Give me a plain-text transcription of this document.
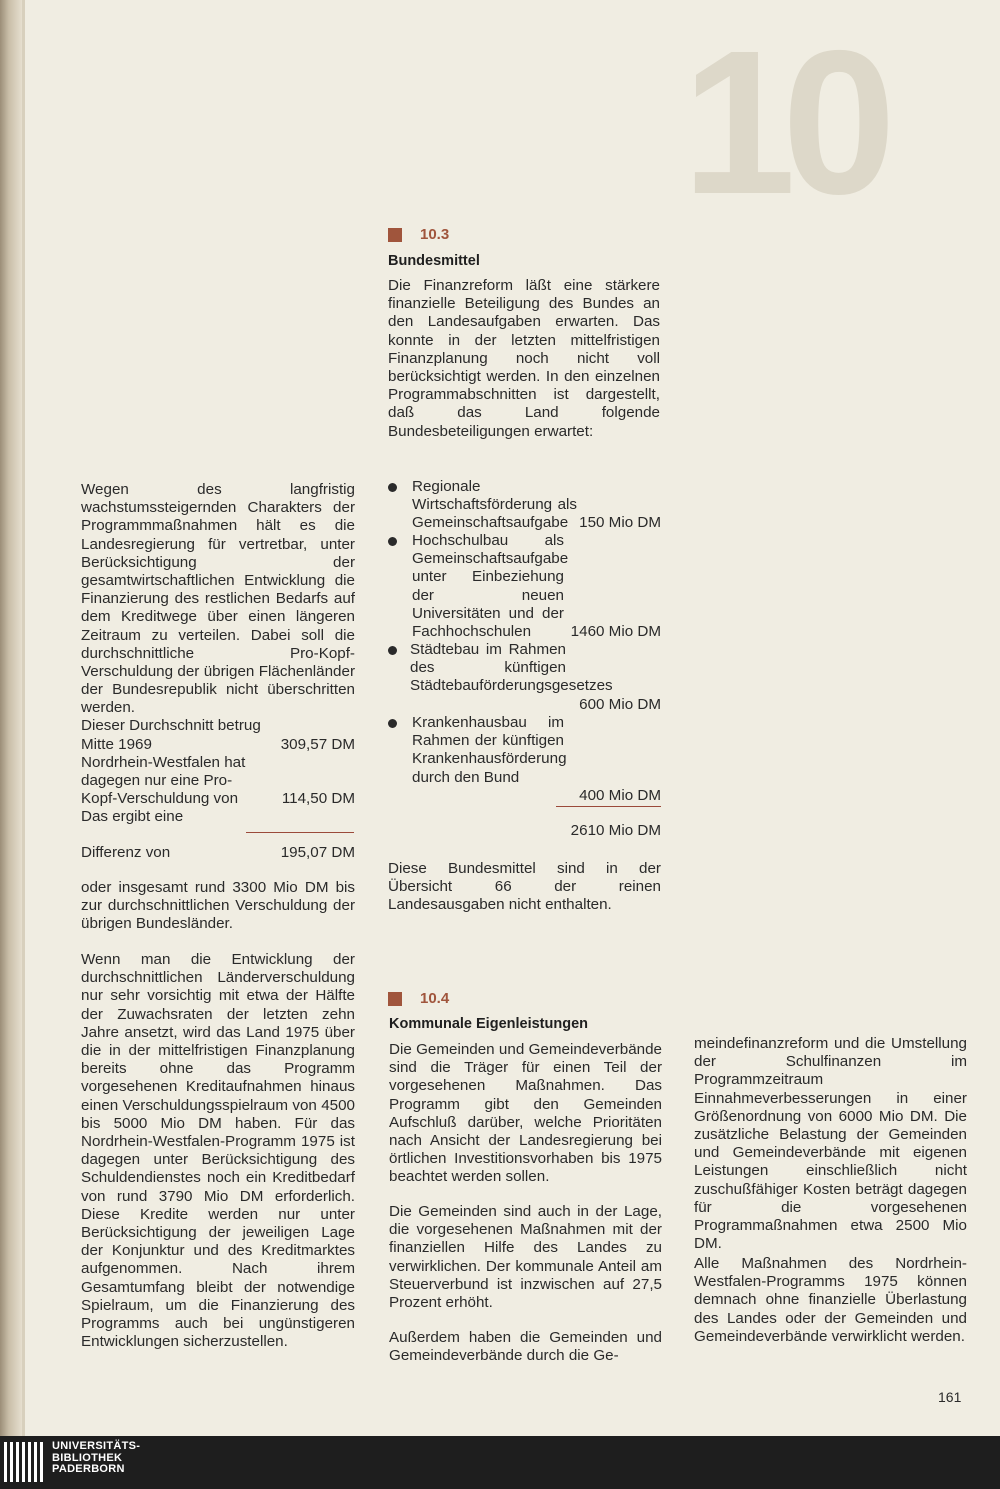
10
10.3
Bundesmittel
Die Finanzreform läßt eine stärkere finanzielle Beteiligung des Bundes an den Landesaufgaben erwarten. Das konnte in der letzten mittelfristigen Finanzplanung noch nicht voll berücksichtigt werden. In den einzelnen Programmabschnitten ist dargestellt, daß das Land folgende Bundesbeteiligungen erwartet:
Regionale Wirtschaftsförderung als Gemeinschaftsaufgabe 150 Mio DM
Hochschulbau als Gemeinschaftsaufgabe unter Einbeziehung der neuen Universitäten und der Fachhochschulen	1460 Mio DM
Städtebau im Rahmen des künftigen Städtebauförderungsgesetzes
600 Mio DM
Krankenhausbau im Rahmen der künftigen Krankenhausförderung durch den Bund
400 Mio DM
2610 Mio DM
Diese Bundesmittel sind in der Übersicht 66 der reinen Landesausgaben nicht enthalten.
Wegen des langfristig wachstumssteigernden Charakters der Programmmaßnahmen hält es die Landesregierung für vertretbar, unter Berücksichtigung der gesamtwirtschaftlichen Entwicklung die Finanzierung des restlichen Bedarfs auf dem Kreditwege über einen längeren Zeitraum zu verteilen. Dabei soll die durchschnittliche Pro-Kopf-Verschuldung der übrigen Flächenländer der Bundesrepublik nicht überschritten werden.
Dieser Durchschnitt betrug
Mitte 1969	309,57 DM
Nordrhein-Westfalen hat
dagegen nur eine Pro-
Kopf-Verschuldung von	114,50 DM
Das ergibt eine
Differenz von	195,07 DM
oder insgesamt rund 3300 Mio DM bis zur durchschnittlichen Verschuldung der übrigen Bundesländer.
Wenn man die Entwicklung der durchschnittlichen Länderverschuldung nur sehr vorsichtig mit etwa der Hälfte der Zuwachsraten der letzten zehn Jahre ansetzt, wird das Land 1975 über die in der mittelfristigen Finanzplanung bereits ohne das Programm vorgesehenen Kreditaufnahmen hinaus einen Verschuldungsspielraum von 4500 bis 5000 Mio DM haben. Für das Nordrhein-Westfalen-Programm 1975 ist dagegen unter Berücksichtigung des Schuldendienstes noch ein Kreditbedarf von rund 3790 Mio DM erforderlich. Diese Kredite werden nur unter Berücksichtigung der jeweiligen Lage der Konjunktur und des Kreditmarktes aufgenommen. Nach ihrem Gesamtumfang bleibt der notwendige Spielraum, um die Finanzierung des Programms auch bei ungünstigeren Entwicklungen sicherzustellen.
10.4
Kommunale Eigenleistungen
Die Gemeinden und Gemeindeverbände sind die Träger für einen Teil der vorgesehenen Maßnahmen. Das Programm gibt den Gemeinden Aufschluß darüber, welche Prioritäten nach Ansicht der Landesregierung bei örtlichen Investitionsvorhaben bis 1975 beachtet werden sollen.
Die Gemeinden sind auch in der Lage, die vorgesehenen Maßnahmen mit der finanziellen Hilfe des Landes zu verwirklichen. Der kommunale Anteil am Steuerverbund ist inzwischen auf 27,5 Prozent erhöht.
Außerdem haben die Gemeinden und Gemeindeverbände durch die Ge-
meindefinanzreform und die Umstellung der Schulfinanzen im Programmzeitraum Einnahmeverbesserungen in einer Größenordnung von 6000 Mio DM. Die zusätzliche Belastung der Gemeinden und Gemeindeverbände mit eigenen Leistungen einschließlich nicht zuschußfähiger Kosten beträgt dagegen für die vorgesehenen Programmaßnahmen etwa 2500 Mio DM.
Alle Maßnahmen des Nordrhein-Westfalen-Programms 1975 können demnach ohne finanzielle Überlastung des Landes oder der Gemeinden und Gemeindeverbände verwirklicht werden.
161
UNIVERSITÄTS-
BIBLIOTHEK
PADERBORN
